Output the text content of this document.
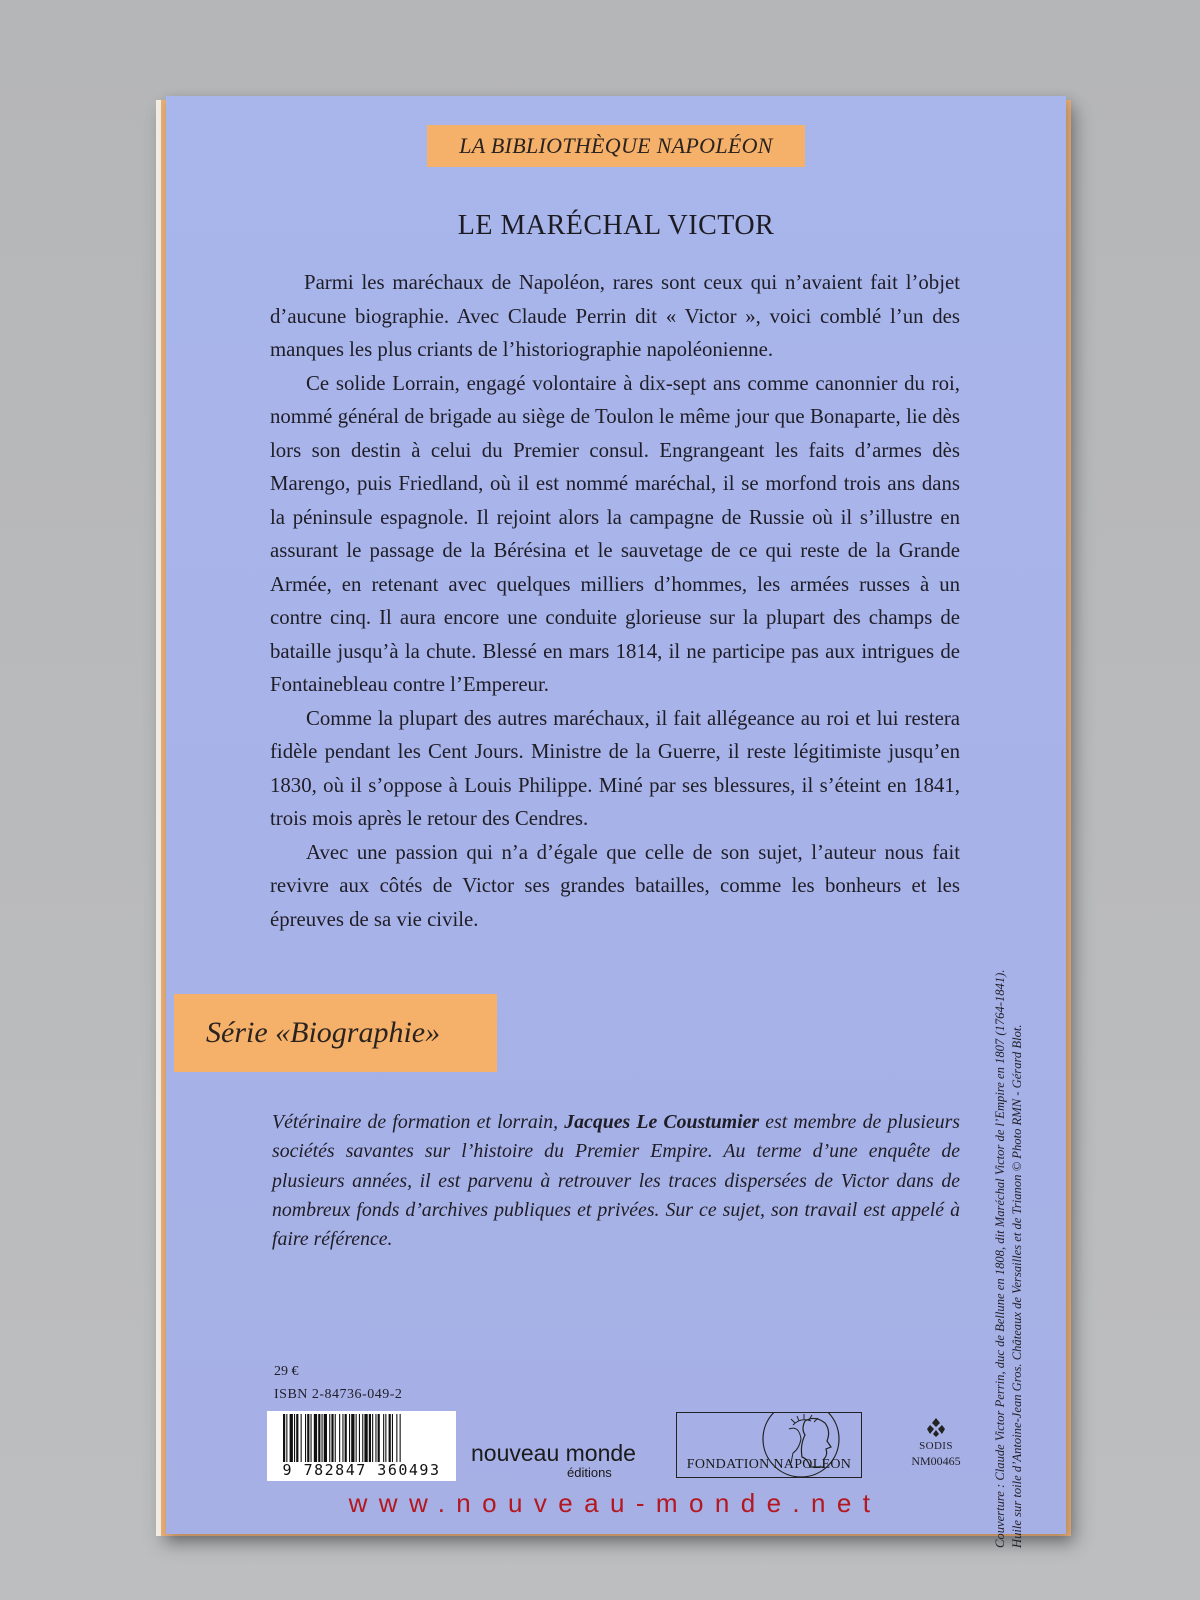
LA BIBLIOTHÈQUE NAPOLÉON
LE MARÉCHAL VICTOR

Parmi les maréchaux de Napoléon, rares sont ceux qui n’avaient fait l’objet d’aucune biographie. Avec Claude Perrin dit « Victor », voici comblé l’un des manques les plus criants de l’historiographie napoléonienne.

Ce solide Lorrain, engagé volontaire à dix-sept ans comme canonnier du roi, nommé général de brigade au siège de Toulon le même jour que Bonaparte, lie dès lors son destin à celui du Premier consul. Engrangeant les faits d’armes dès Marengo, puis Friedland, où il est nommé maréchal, il se morfond trois ans dans la péninsule espagnole. Il rejoint alors la campagne de Russie où il s’illustre en assurant le passage de la Bérésina et le sauvetage de ce qui reste de la Grande Armée, en retenant avec quelques milliers d’hommes, les armées russes à un contre cinq. Il aura encore une conduite glorieuse sur la plupart des champs de bataille jusqu’à la chute. Blessé en mars 1814, il ne participe pas aux intrigues de Fontainebleau contre l’Empereur.

Comme la plupart des autres maréchaux, il fait allégeance au roi et lui restera fidèle pendant les Cent Jours. Ministre de la Guerre, il reste légitimiste jusqu’en 1830, où il s’oppose à Louis Philippe. Miné par ses blessures, il s’éteint en 1841, trois mois après le retour des Cendres.

Avec une passion qui n’a d’égale que celle de son sujet, l’auteur nous fait revivre aux côtés de Victor ses grandes batailles, comme les bonheurs et les épreuves de sa vie civile.

Série «Biographie»

Vétérinaire de formation et lorrain, Jacques Le Coustumier est membre de plusieurs sociétés savantes sur l’histoire du Premier Empire. Au terme d’une enquête de plusieurs années, il est parvenu à retrouver les traces dispersées de Victor dans de nombreux fonds d’archives publiques et privées. Sur ce sujet, son travail est appelé à faire référence.

29 €
ISBN 2-84736-049-2
9 782847 360493
nouveau monde
éditions
FONDATION NAPOLEON
SODIS
NM00465
www.nouveau-monde.net	Couverture : Claude Victor Perrin, duc de Bellune en 1808, dit Maréchal Victor de l’Empire en 1807 (1764-1841). Huile sur toile d’Antoine-Jean Gros. Châteaux de Versailles et de Trianon © Photo RMN - Gérard Blot.
